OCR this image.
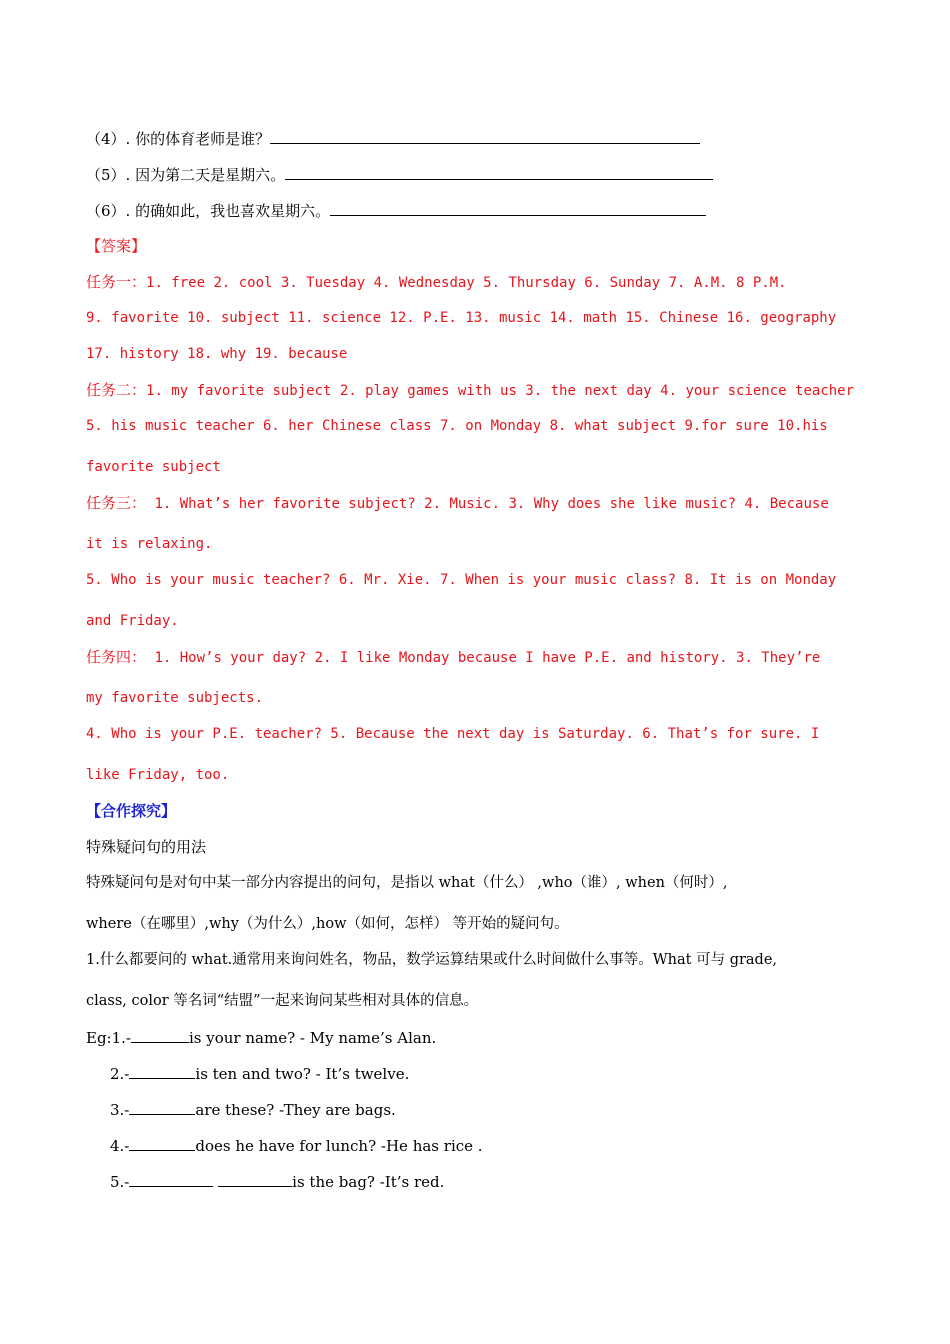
（4）. 你的体育老师是谁？
（5）. 因为第二天是星期六。
（6）. 的确如此，我也喜欢星期六。
【答案】
任务一：1. free 2. cool 3. Tuesday 4. Wednesday 5. Thursday 6. Sunday 7. A.M. 8 P.M.
9. favorite 10. subject 11. science 12. P.E. 13. music 14. math 15. Chinese 16. geography
17. history 18. why 19. because
任务二：1. my favorite subject 2. play games with us 3. the next day 4. your science teacher
5. his music teacher 6. her Chinese class 7. on Monday 8. what subject 9.for sure 10.his
favorite subject
任务三： 1. What’s her favorite subject? 2. Music. 3. Why does she like music? 4. Because
it is relaxing.
5. Who is your music teacher? 6. Mr. Xie. 7. When is your music class? 8. It is on Monday
and Friday.
任务四： 1. How’s your day? 2. I like Monday because I have P.E. and history. 3. They’re
my favorite subjects.
4. Who is your P.E. teacher? 5. Because the next day is Saturday. 6. That’s for sure. I
like Friday, too.
【合作探究】
特殊疑问句的用法
特殊疑问句是对句中某一部分内容提出的问句，是指以 what（什么） ,who（谁）, when（何时）,
where（在哪里）,why（为什么）,how（如何，怎样） 等开始的疑问句。
1.什么都要问的 what.通常用来询问姓名，物品，数学运算结果或什么时间做什么事等。What 可与 grade,
class, color 等名词“结盟”一起来询问某些相对具体的信息。
Eg:1.-	is your name? - My name’s Alan.
2.-	is ten and two? - It’s twelve.
3.-	are these? -They are bags.
4.-	does he have for lunch? -He has rice .
5.-	is the bag? -It’s red.
